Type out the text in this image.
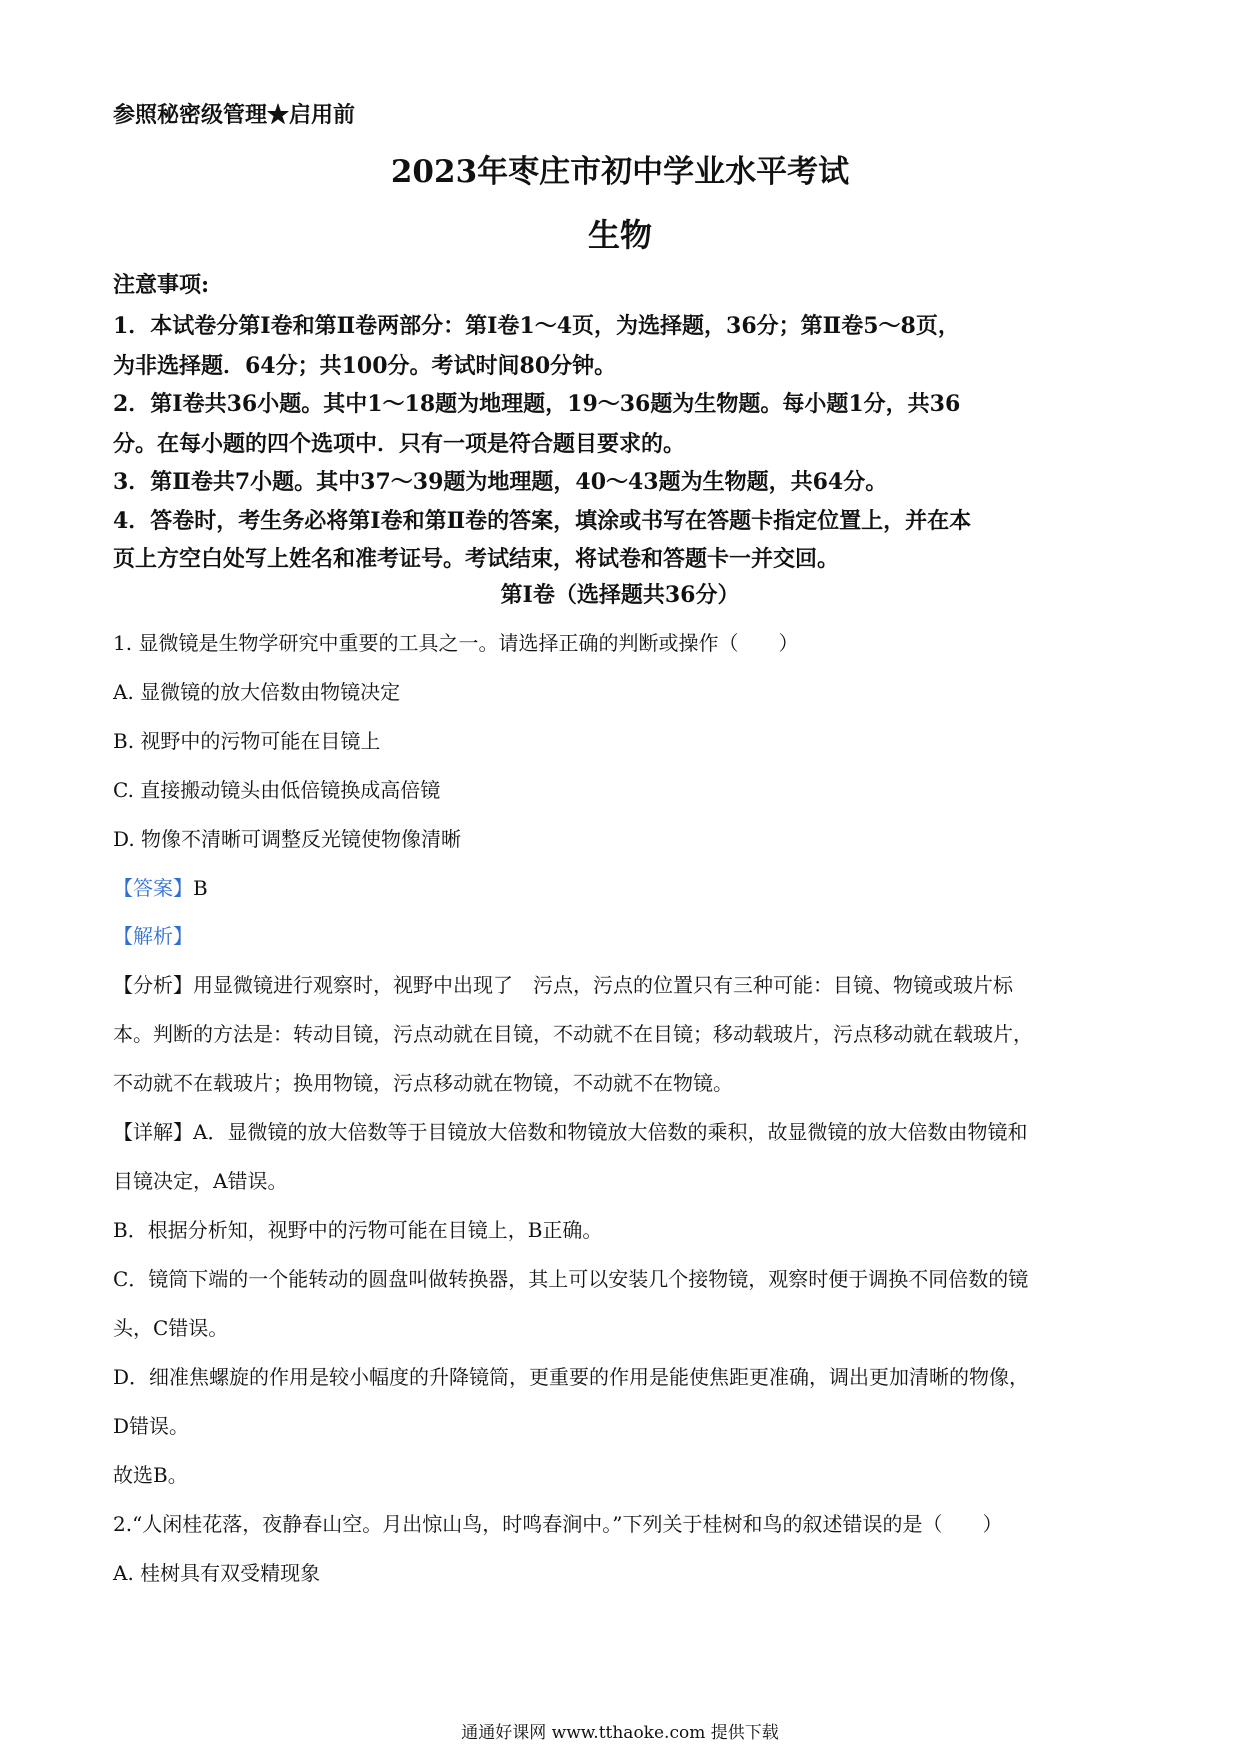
参照秘密级管理★启用前
2023年枣庄市初中学业水平考试
生物
注意事项:
1．本试卷分第Ⅰ卷和第Ⅱ卷两部分：第Ⅰ卷1～4页，为选择题，36分；第Ⅱ卷5～8页，
为非选择题．64分；共100分。考试时间80分钟。
2．第Ⅰ卷共36小题。其中1～18题为地理题，19～36题为生物题。每小题1分，共36
分。在每小题的四个选项中．只有一项是符合题目要求的。
3．第Ⅱ卷共7小题。其中37～39题为地理题，40～43题为生物题，共64分。
4．答卷时，考生务必将第Ⅰ卷和第Ⅱ卷的答案，填涂或书写在答题卡指定位置上，并在本
页上方空白处写上姓名和准考证号。考试结束，将试卷和答题卡一并交回。
第Ⅰ卷（选择题共36分）
1. 显微镜是生物学研究中重要的工具之一。请选择正确的判断或操作（　　）
A. 显微镜的放大倍数由物镜决定
B. 视野中的污物可能在目镜上
C. 直接搬动镜头由低倍镜换成高倍镜
D. 物像不清晰可调整反光镜使物像清晰
【答案】B
【解析】
【分析】用显微镜进行观察时，视野中出现了　污点，污点的位置只有三种可能：目镜、物镜或玻片标
本。判断的方法是：转动目镜，污点动就在目镜，不动就不在目镜；移动载玻片，污点移动就在载玻片，
不动就不在载玻片；换用物镜，污点移动就在物镜，不动就不在物镜。
【详解】A．显微镜的放大倍数等于目镜放大倍数和物镜放大倍数的乘积，故显微镜的放大倍数由物镜和
目镜决定，A错误。
B．根据分析知，视野中的污物可能在目镜上，B正确。
C．镜筒下端的一个能转动的圆盘叫做转换器，其上可以安装几个接物镜，观察时便于调换不同倍数的镜
头，C错误。
D．细准焦螺旋的作用是较小幅度的升降镜筒，更重要的作用是能使焦距更准确，调出更加清晰的物像，
D错误。
故选B。
2.“人闲桂花落，夜静春山空。月出惊山鸟，时鸣春涧中。”下列关于桂树和鸟的叙述错误的是（　　）
A. 桂树具有双受精现象
通通好课网 www.tthaoke.com 提供下载
